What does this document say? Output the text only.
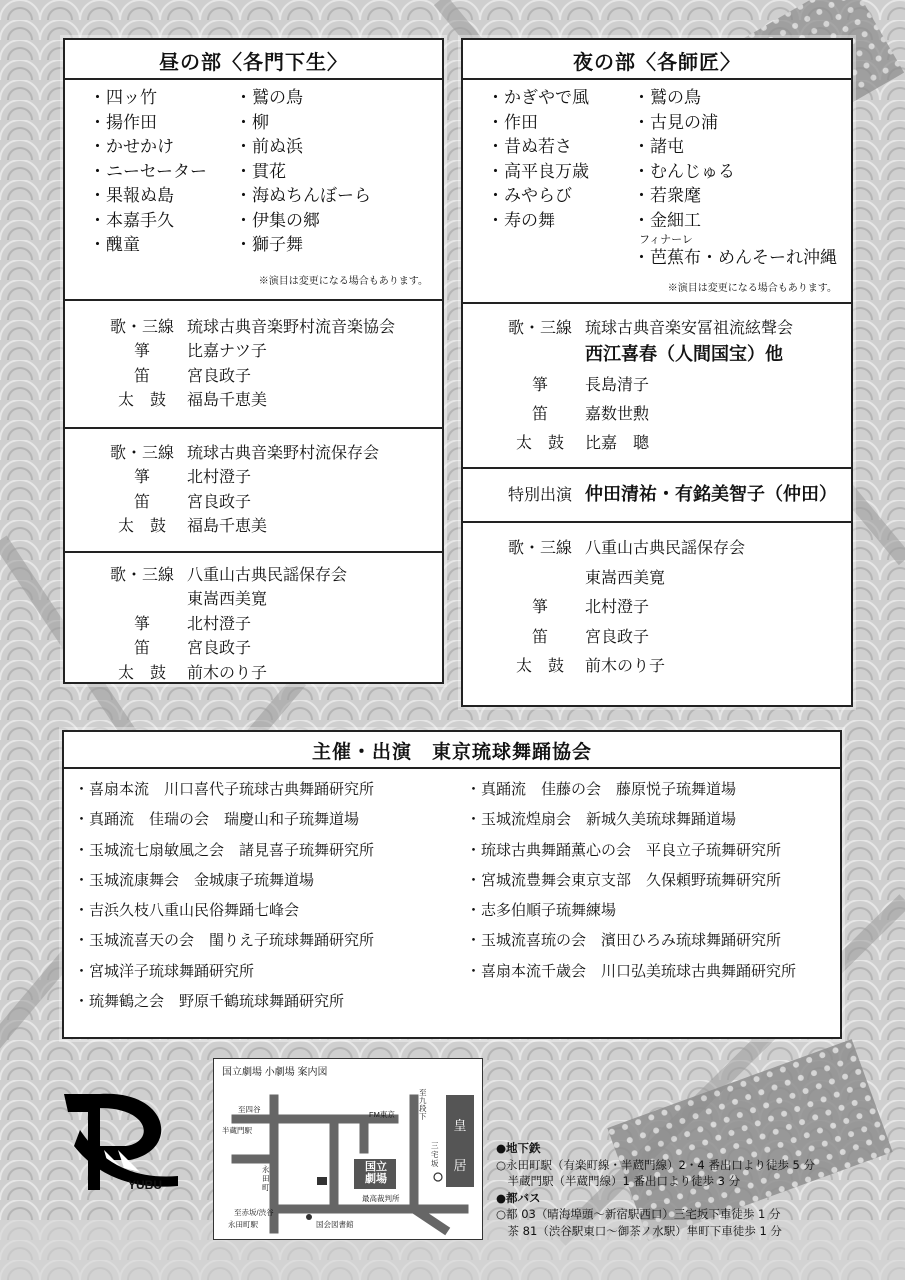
昼の部〈各門下生〉
・四ッ竹
・揚作田
・かせかけ
・ニーセーター
・果報ぬ島
・本嘉手久
・醜童
・鷲の鳥
・柳
・前ぬ浜
・貫花
・海ぬちんぼーら
・伊集の郷
・獅子舞
※演目は変更になる場合もあります。
歌・三線 琉球古典音楽野村流音楽協会
箏	比嘉ナツ子
笛	宮良政子
太　鼓	福島千恵美
歌・三線 琉球古典音楽野村流保存会
箏	北村澄子
笛	宮良政子
太　鼓	福島千恵美
歌・三線 八重山古典民謡保存会
東嵩西美寛
箏	北村澄子
笛	宮良政子
太　鼓	前木のり子
夜の部〈各師匠〉
・かぎやで風
・作田
・昔ぬ若さ
・高平良万歳
・みやらび
・寿の舞
・鷲の鳥
・古見の浦
・諸屯
・むんじゅる
・若衆麾
・金細工
フィナーレ
・芭蕉布・めんそーれ沖縄
※演目は変更になる場合もあります。
歌・三線 琉球古典音楽安冨祖流絃聲会
西江喜春（人間国宝）他
箏	長島清子
笛	嘉数世勲
太　鼓	比嘉　聰
特別出演 仲田清祐・有銘美智子（仲田）
歌・三線 八重山古典民謡保存会
東嵩西美寛
箏	北村澄子
笛	宮良政子
太　鼓	前木のり子
主催・出演　東京琉球舞踊協会
・喜扇本流　川口喜代子琉球古典舞踊研究所
・真踊流　佳瑞の会　瑞慶山和子琉舞道場
・玉城流七扇敏風之会　諸見喜子琉舞研究所
・玉城流康舞会　金城康子琉舞道場
・吉浜久枝八重山民俗舞踊七峰会
・玉城流喜天の会　閨りえ子琉球舞踊研究所
・宮城洋子琉球舞踊研究所
・琉舞鶴之会　野原千鶴琉球舞踊研究所
・真踊流　佳藤の会　藤原悦子琉舞道場
・玉城流煌扇会　新城久美琉球舞踊道場
・琉球古典舞踊薫心の会　平良立子琉舞研究所
・宮城流豊舞会東京支部　久保頼野琉舞研究所
・志多伯順子琉舞練場
・玉城流喜琉の会　濱田ひろみ琉球舞踊研究所
・喜扇本流千歳会　川口弘美琉球古典舞踊研究所
YUBU
国立劇場 小劇場 案内図
国立
劇場
皇
居
至四谷
半蔵門駅
至九段下
FM東京
永田町
三宅坂
至赤坂/渋谷
永田町駅
最高裁判所
国会図書館
●地下鉄
○永田町駅（有楽町線・半蔵門線）2・4 番出口より徒歩 5 分
　半蔵門駅（半蔵門線）1 番出口より徒歩 3 分
●都バス
○都 03（晴海埠頭～新宿駅西口）三宅坂下車徒歩 1 分
　茶 81（渋谷駅東口～御茶ノ水駅）隼町下車徒歩 1 分
